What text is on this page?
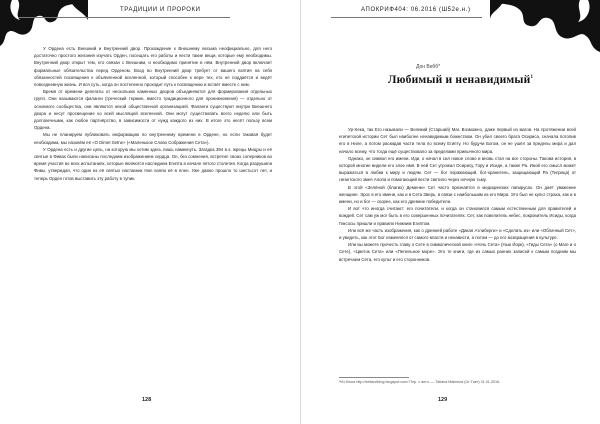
ТРАДИЦИИ И ПРОРОКИ

У Ордена есть Внешний и Внутренний двор. Прохождение к Внешнему весьма неофициально, для него достаточно простого желания изучать Орден, посещать его работы и нести такие вещи, которые ему необходимы. Внутренний двор открыт тем, кто связан с Внешним, и необходимо принятие в нём. Внутренний двор включает формальные обязательства перед Орденом. Вход во Внутренний двор требует от вашего взятия на себя обязанностей посвящения к объявленной вселенной, который способен к вере тех, кто не поддаётся и ведёт повседневную жизнь. И вся суть, когда он постепенно проходит путь к посвящению и встаёт вместе с ним.

Время от времени делегаты от нескольких каменных дворов объединяются для формирования отдельных групп. Они называются фаланги (греческий термин, вместо традиционного для проникновения) — отдельно от основного сообщества, они являются некой общественной организацией. Фаланги существуют внутри Внешнего двора и несут просвещение ко всей мыслящей вселенной. Они могут существовать всего неделю или быть долговечными, как любое партнёрство, в зависимости от нужд каждого из них. В итоге это несёт пользу всем Ордена.

Мы не планируем публиковать информацию по внутреннему времени в Ордене, но если таковая будет необходима, мы назовём её «О Dimet Setne» («Маленькое Слово Сображения Сета»).

У Ордена есть и другие цель, на которую мы хотим здесь лишь намекнуть. Загадка 394 в.э. жрецы Мицры и её святые в Фивах были написаны последним изображением сердца. Он, без сомнения, встретил своих соперников во время участия во всех испытаниях, которые являются наследием Египта в начале пятого столетия. Когда разрушили Фивы, утверждая, что один из её святых наставник Нил взяли её в плен. Уже давно прошло то шестьсот лет, и теперь Орден готов выставить эту работу в тупик.

128
АПОКРИФ404: 06.2016 (Ш52е.н.)
Дон Вебб*
Любимый и ненавидимый$^1$

Ур-Хека, так Его называли — Великий (Старший) Маг. Возможно, даже первый из магов. На протяжении всей египетской истории Сет был наиболее ненавидимым божеством. Он убил своего брата Осириса, сначала потопив его в Ниле, а потом раскидав части тела по всему Египту. Но будучи Богом, он не ушёл за пределы мира и дал начало всему, что тогда ещё существовало за пределами привычного мира.

Однако, он символ его имени. Иди, о начал в сил новое слово и вновь стал на все стороны. Такова история, в которой многие видели его злое имя. В ней Сет угрожал Осирису, Гору и Исиде, а также Ра. Иной его смысл может выражаться в любви к миру и людям. Сет — бог поражающий, бог-хранитель, защищающий Ра (Тигрица) от гигантского змея Апопа и помогающий вести светило через ночную тьму.

В этой «Зелёной (благих) Деменм» Сет часто признаётся в медицинских папирусах. Он даёт уважение женщине. Эрос в его имени, как и в Сета Зверь, в связи с наибольшим из его Мира. Это был не культ страха, как и в имени, но и бог — скорее, как его древние победители.

И вот что иногда считают: его почитатели, и когда он становился самым естественным для правителей и вождей. Сет сам уж мог быть в его совершенных почитателях. Сет, как повелитель небес, покровитель Исиды, когда Гиксосы пришли и правили Нижним Египтом.

Или всё же часть изображения, как о древней работе «Дикая Атлиберги» и «Сделать из» или «Облачный Сет», и увидеть, как этот Бог изменялся от самого власти и ненависти, а потом — до его возвращения в культуре.

Или вы можете прочесть главу о Сете в символической книге «Ночь Сета» (Нью Йорк), «Гиды Сета» (о Маге и о Сете), «Цветок Сета» или «Пепельное море». Это те книги, где из самых ранних записей к самым поздним мы встречаем Сета, его культ и его сторонников.

*Из блога http://setiandblog.blogspot.com/ Пер. с англ. — Tatiana Malinena (Ur-Тает) 31.01.2016.
129
